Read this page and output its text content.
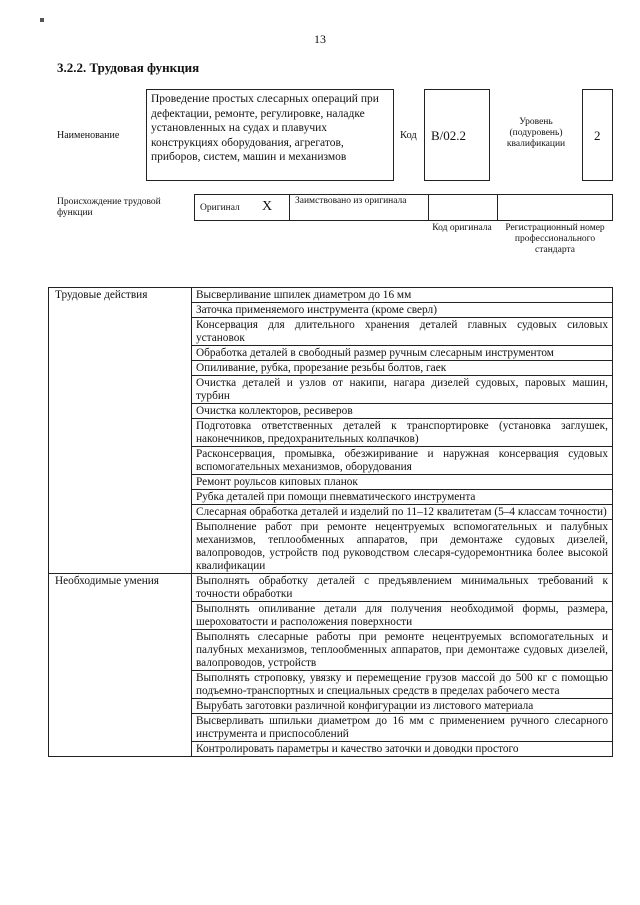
13
3.2.2. Трудовая функция
Наименование
Проведение простых слесарных операций при дефектации, ремонте, регулировке, наладке установленных на судах и плавучих конструкциях оборудования, агрегатов, приборов, систем, машин и механизмов
Код	В/02.2
Уровень (подуровень) квалификации
2
Происхождение трудовой функции	Оригинал Х Заимствовано из оригинала
Код оригинала Регистрационный номер профессионального стандарта
Трудовые действия	Высверливание шпилек диаметром до 16 мм
	Заточка применяемого инструмента (кроме сверл)
	Консервация для длительного хранения деталей главных судовых силовых установок
	Обработка деталей в свободный размер ручным слесарным инструментом
	Опиливание, рубка, прорезание резьбы болтов, гаек
	Очистка деталей и узлов от накипи, нагара дизелей судовых, паровых машин, турбин
	Очистка коллекторов, ресиверов
	Подготовка ответственных деталей к транспортировке (установка заглушек, наконечников, предохранительных колпачков)
	Расконсервация, промывка, обезжиривание и наружная консервация судовых вспомогательных механизмов, оборудования
	Ремонт роульсов киповых планок
	Рубка деталей при помощи пневматического инструмента
	Слесарная обработка деталей и изделий по 11–12 квалитетам (5–4 классам точности)
	Выполнение работ при ремонте нецентруемых вспомогательных и палубных механизмов, теплообменных аппаратов, при демонтаже судовых дизелей, валопроводов, устройств под руководством слесаря-судоремонтника более высокой квалификации
Необходимые умения	Выполнять обработку деталей с предъявлением минимальных требований к точности обработки
	Выполнять опиливание детали для получения необходимой формы, размера, шероховатости и расположения поверхности
	Выполнять слесарные работы при ремонте нецентруемых вспомогательных и палубных механизмов, теплообменных аппаратов, при демонтаже судовых дизелей, валопроводов, устройств
	Выполнять строповку, увязку и перемещение грузов массой до 500 кг с помощью подъемно-транспортных и специальных средств в пределах рабочего места
	Вырубать заготовки различной конфигурации из листового материала
	Высверливать шпильки диаметром до 16 мм с применением ручного слесарного инструмента и приспособлений
	Контролировать параметры и качество заточки и доводки простого
